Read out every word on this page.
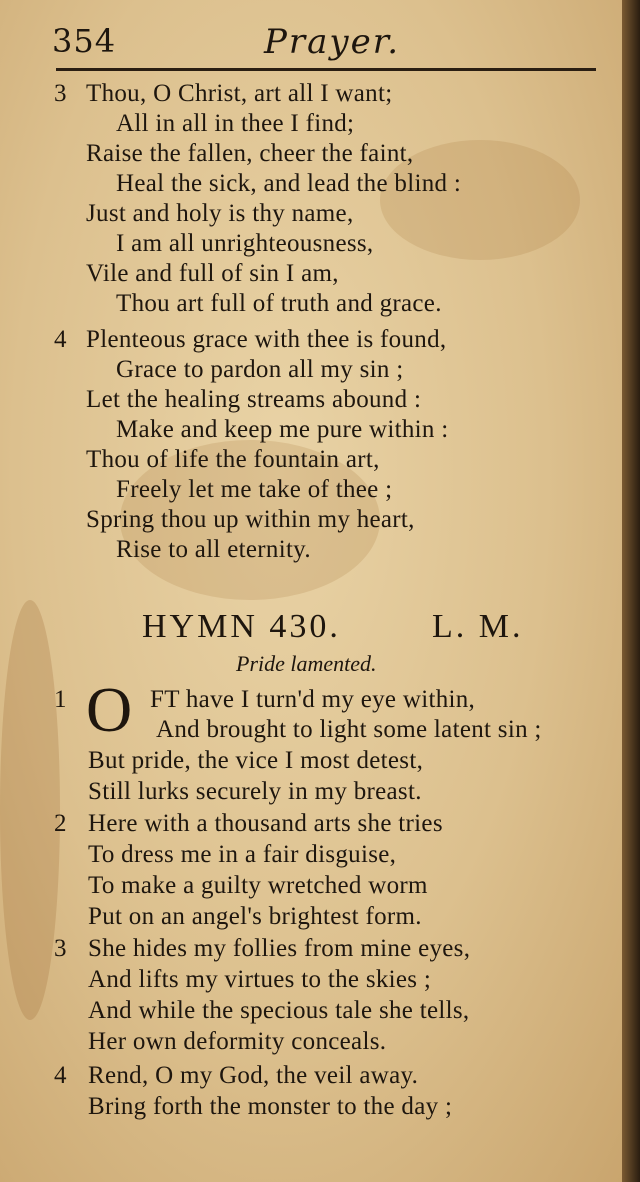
354	Prayer.
3 Thou, O Christ, art all I want;
All in all in thee I find;
Raise the fallen, cheer the faint,
Heal the sick, and lead the blind :
Just and holy is thy name,
I am all unrighteousness,
Vile and full of sin I am,
Thou art full of truth and grace.
4 Plenteous grace with thee is found,
Grace to pardon all my sin ;
Let the healing streams abound :
Make and keep me pure within :
Thou of life the fountain art,
Freely let me take of thee ;
Spring thou up within my heart,
Rise to all eternity.
HYMN 430.	L. M.
Pride lamented.
1 O FT have I turn'd my eye within,
And brought to light some latent sin ;
But pride, the vice I most detest,
Still lurks securely in my breast.
2 Here with a thousand arts she tries
To dress me in a fair disguise,
To make a guilty wretched worm
Put on an angel's brightest form.
3 She hides my follies from mine eyes,
And lifts my virtues to the skies ;
And while the specious tale she tells,
Her own deformity conceals.
4 Rend, O my God, the veil away.
Bring forth the monster to the day ;
